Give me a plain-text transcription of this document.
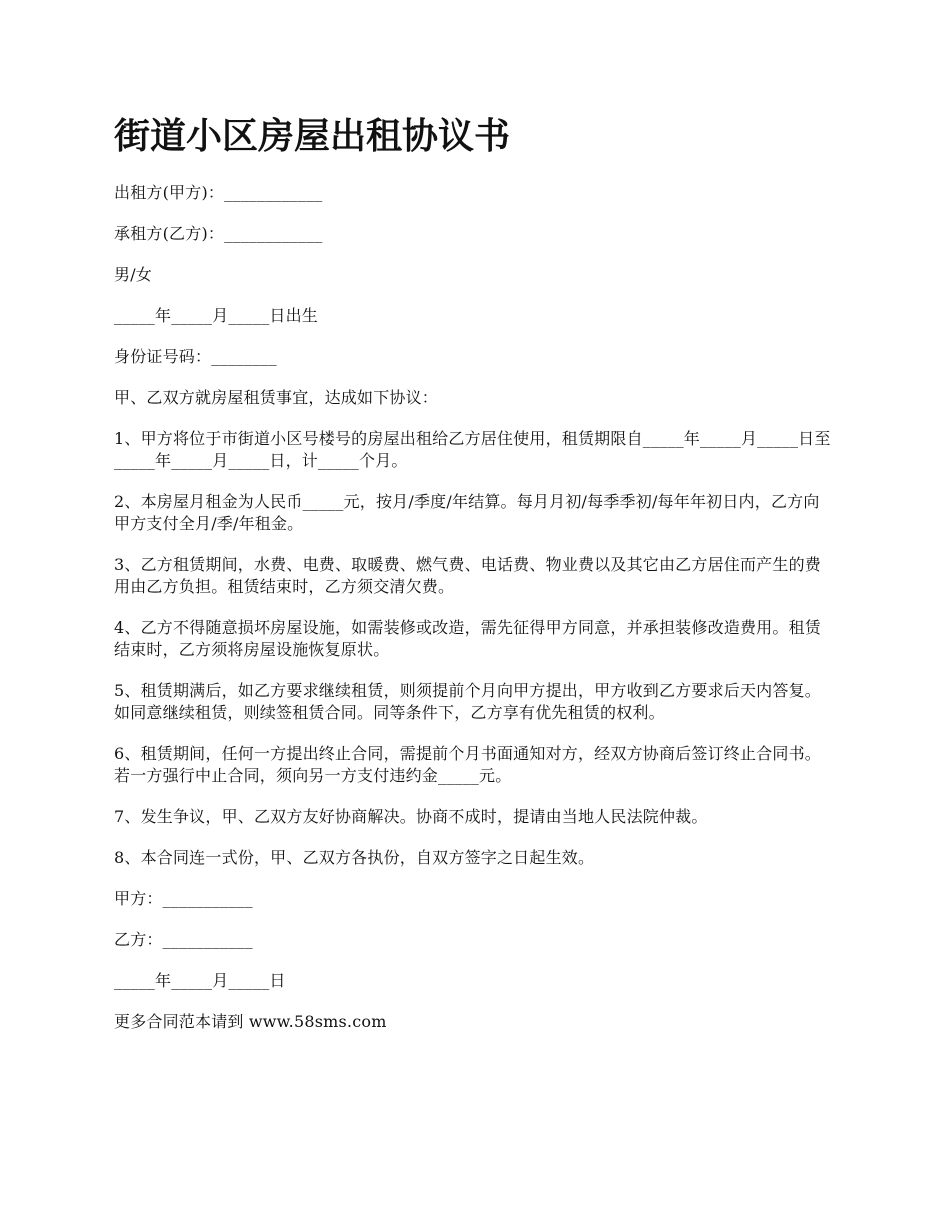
街道小区房屋出租协议书

出租方(甲方)：____________

承租方(乙方)：____________

男/女

_____年_____月_____日出生

身份证号码：________

甲、乙双方就房屋租赁事宜，达成如下协议：

1、甲方将位于市街道小区号楼号的房屋出租给乙方居住使用，租赁期限自_____年_____月_____日至_____年_____月_____日，计_____个月。

2、本房屋月租金为人民币_____元，按月/季度/年结算。每月月初/每季季初/每年年初日内，乙方向甲方支付全月/季/年租金。

3、乙方租赁期间，水费、电费、取暖费、燃气费、电话费、物业费以及其它由乙方居住而产生的费用由乙方负担。租赁结束时，乙方须交清欠费。

4、乙方不得随意损坏房屋设施，如需装修或改造，需先征得甲方同意，并承担装修改造费用。租赁结束时，乙方须将房屋设施恢复原状。

5、租赁期满后，如乙方要求继续租赁，则须提前个月向甲方提出，甲方收到乙方要求后天内答复。如同意继续租赁，则续签租赁合同。同等条件下，乙方享有优先租赁的权利。

6、租赁期间，任何一方提出终止合同，需提前个月书面通知对方，经双方协商后签订终止合同书。若一方强行中止合同，须向另一方支付违约金_____元。

7、发生争议，甲、乙双方友好协商解决。协商不成时，提请由当地人民法院仲裁。

8、本合同连一式份，甲、乙双方各执份，自双方签字之日起生效。

甲方：___________

乙方：___________

_____年_____月_____日

更多合同范本请到 www.58sms.com
